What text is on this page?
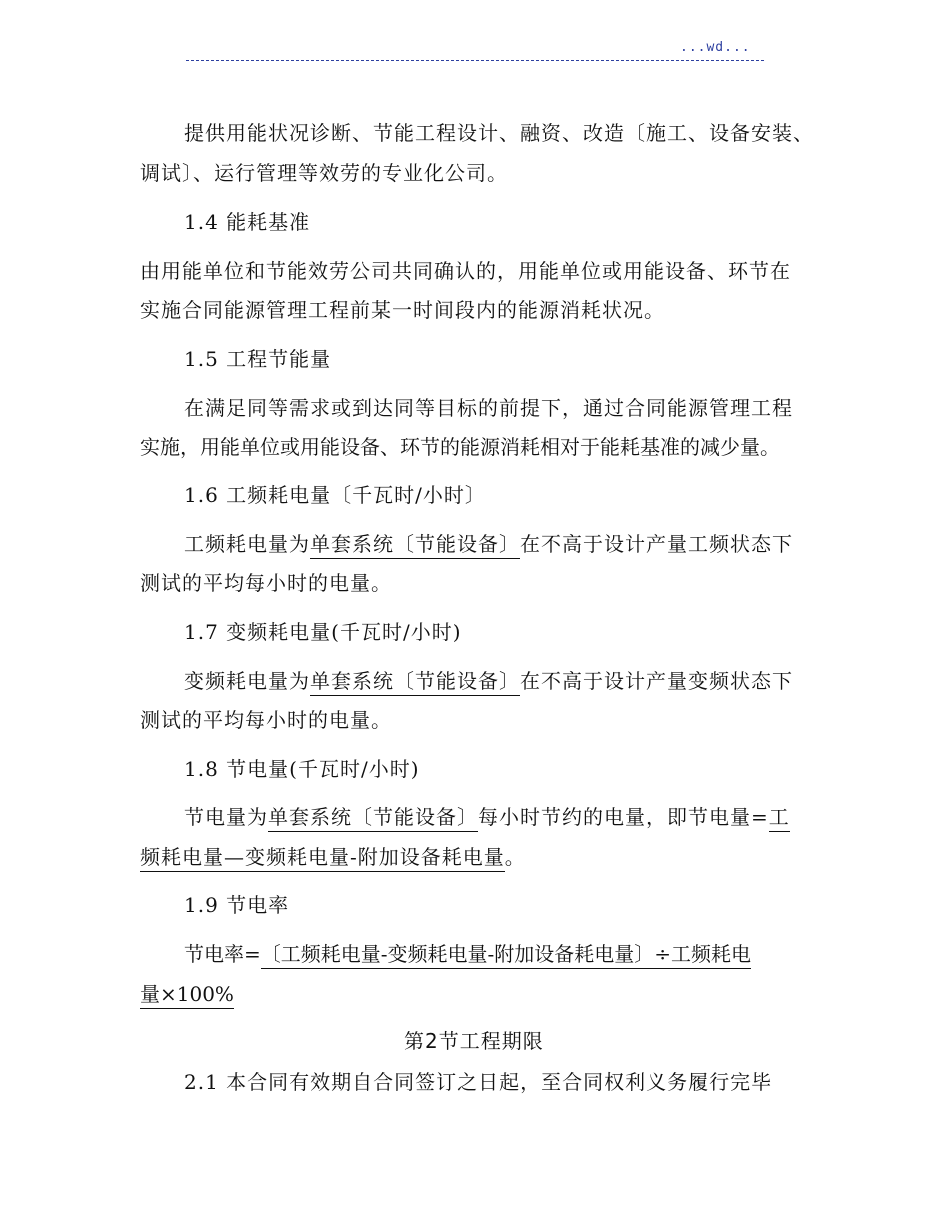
...wd...
提供用能状况诊断、节能工程设计、融资、改造〔施工、设备安装、
调试〕、运行管理等效劳的专业化公司。
1.4 能耗基准
由用能单位和节能效劳公司共同确认的，用能单位或用能设备、环节在
实施合同能源管理工程前某一时间段内的能源消耗状况。
1.5 工程节能量
在满足同等需求或到达同等目标的前提下，通过合同能源管理工程
实施，用能单位或用能设备、环节的能源消耗相对于能耗基准的减少量。
1.6 工频耗电量〔千瓦时/小时〕
工频耗电量为单套系统〔节能设备〕在不高于设计产量工频状态下
测试的平均每小时的电量。
1.7 变频耗电量(千瓦时/小时)
变频耗电量为单套系统〔节能设备〕在不高于设计产量变频状态下
测试的平均每小时的电量。
1.8 节电量(千瓦时/小时)
节电量为单套系统〔节能设备〕每小时节约的电量，即节电量=工
频耗电量—变频耗电量-附加设备耗电量。
1.9 节电率
节电率=〔工频耗电量-变频耗电量-附加设备耗电量〕÷工频耗电
量×100%
第2节工程期限
2.1 本合同有效期自合同签订之日起，至合同权利义务履行完毕
